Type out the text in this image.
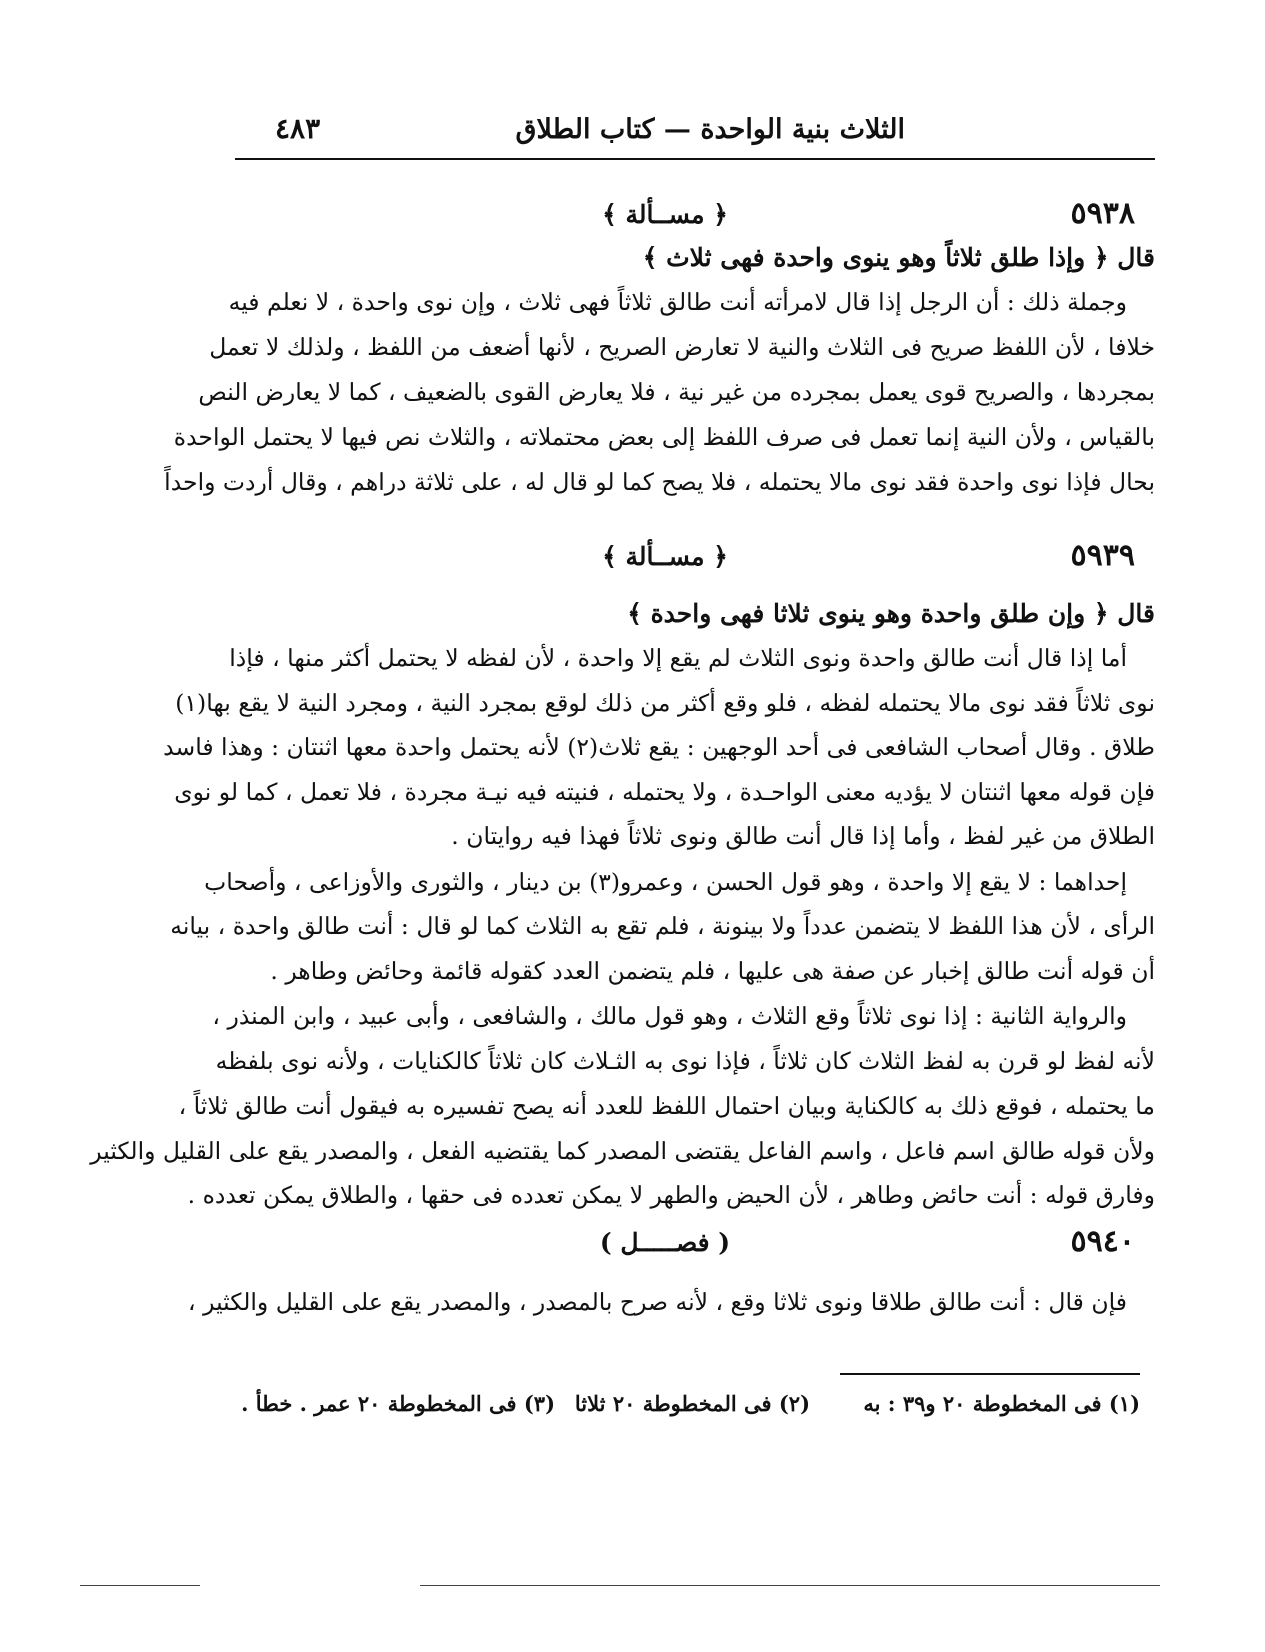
الثلاث بنية الواحدة — كتاب الطلاق
٤٨٣
٥٩٣٨
﴿ مســألة ﴾
قال ﴿ وإذا طلق ثلاثاً وهو ينوى واحدة فهى ثلاث ﴾
وجملة ذلك : أن الرجل إذا قال لامرأته أنت طالق ثلاثاً فهى ثلاث ، وإن نوى واحدة ، لا نعلم فيه
خلافا ، لأن اللفظ صريح فى الثلاث والنية لا تعارض الصريح ، لأنها أضعف من اللفظ ، ولذلك لا تعمل
بمجردها ، والصريح قوى يعمل بمجرده من غير نية ، فلا يعارض القوى بالضعيف ، كما لا يعارض النص
بالقياس ، ولأن النية إنما تعمل فى صرف اللفظ إلى بعض محتملاته ، والثلاث نص فيها لا يحتمل الواحدة
بحال فإذا نوى واحدة فقد نوى مالا يحتمله ، فلا يصح كما لو قال له ، على ثلاثة دراهم ، وقال أردت واحداً
٥٩٣٩
﴿ مســألة ﴾
قال ﴿ وإن طلق واحدة وهو ينوى ثلاثا فهى واحدة ﴾
أما إذا قال أنت طالق واحدة ونوى الثلاث لم يقع إلا واحدة ، لأن لفظه لا يحتمل أكثر منها ، فإذا
نوى ثلاثاً فقد نوى مالا يحتمله لفظه ، فلو وقع أكثر من ذلك لوقع بمجرد النية ، ومجرد النية لا يقع بها(١)
طلاق . وقال أصحاب الشافعى فى أحد الوجهين : يقع ثلاث(٢) لأنه يحتمل واحدة معها اثنتان : وهذا فاسد
فإن قوله معها اثنتان لا يؤديه معنى الواحـدة ، ولا يحتمله ، فنيته فيه نيـة مجردة ، فلا تعمل ، كما لو نوى
الطلاق من غير لفظ ، وأما إذا قال أنت طالق ونوى ثلاثاً فهذا فيه روايتان .
إحداهما : لا يقع إلا واحدة ، وهو قول الحسن ، وعمرو(٣) بن دينار ، والثورى والأوزاعى ، وأصحاب
الرأى ، لأن هذا اللفظ لا يتضمن عدداً ولا بينونة ، فلم تقع به الثلاث كما لو قال : أنت طالق واحدة ، بيانه
أن قوله أنت طالق إخبار عن صفة هى عليها ، فلم يتضمن العدد كقوله قائمة وحائض وطاهر .
والرواية الثانية : إذا نوى ثلاثاً وقع الثلاث ، وهو قول مالك ، والشافعى ، وأبى عبيد ، وابن المنذر ،
لأنه لفظ لو قرن به لفظ الثلاث كان ثلاثاً ، فإذا نوى به الثـلاث كان ثلاثاً كالكنايات ، ولأنه نوى بلفظه
ما يحتمله ، فوقع ذلك به كالكناية وبيان احتمال اللفظ للعدد أنه يصح تفسيره به فيقول أنت طالق ثلاثاً ،
ولأن قوله طالق اسم فاعل ، واسم الفاعل يقتضى المصدر كما يقتضيه الفعل ، والمصدر يقع على القليل والكثير
وفارق قوله : أنت حائض وطاهر ، لأن الحيض والطهر لا يمكن تعدده فى حقها ، والطلاق يمكن تعدده .
٥٩٤٠
( فصـــــل )
فإن قال : أنت طالق طلاقا ونوى ثلاثا وقع ، لأنه صرح بالمصدر ، والمصدر يقع على القليل والكثير ،
(١) فى المخطوطة ٢٠ و٣٩ : به
(٢) فى المخطوطة ٢٠ ثلاثا
(٣) فى المخطوطة ٢٠ عمر . خطأ .
